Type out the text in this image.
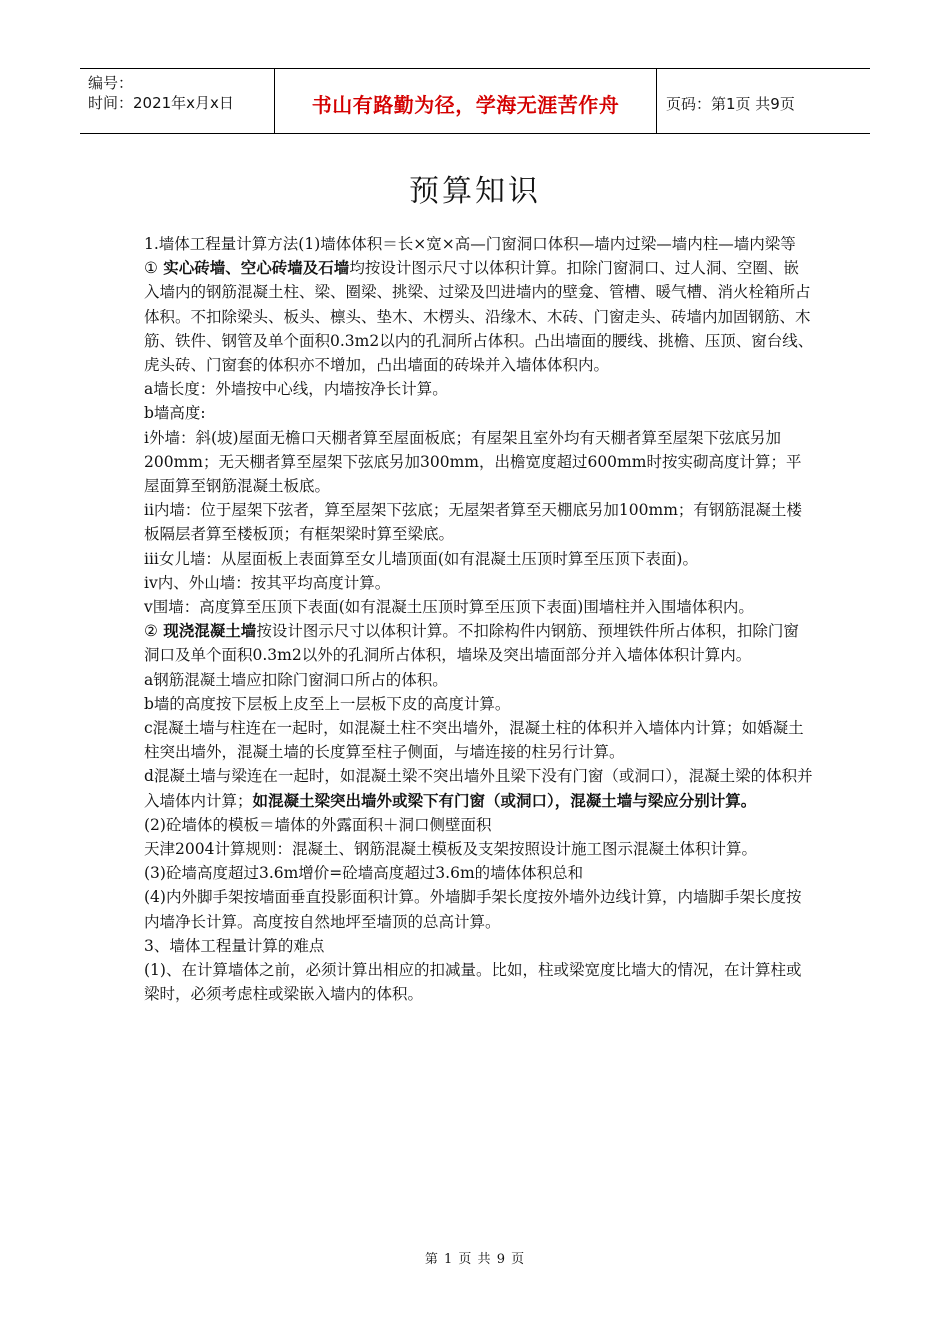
编号：
时间：2021年x月x日	书山有路勤为径，学海无涯苦作舟	页码：第1页 共9页
预算知识

1.墙体工程量计算方法(1)墙体体积＝长×宽×高—门窗洞口体积—墙内过梁—墙内柱—墙内梁等

① 实心砖墙、空心砖墙及石墙均按设计图示尺寸以体积计算。扣除门窗洞口、过人洞、空圈、嵌入墙内的钢筋混凝土柱、梁、圈梁、挑梁、过梁及凹进墙内的壁龛、管槽、暖气槽、消火栓箱所占体积。不扣除梁头、板头、檩头、垫木、木楞头、沿缘木、木砖、门窗走头、砖墙内加固钢筋、木筋、铁件、钢管及单个面积0.3m2以内的孔洞所占体积。凸出墙面的腰线、挑檐、压顶、窗台线、虎头砖、门窗套的体积亦不增加，凸出墙面的砖垛并入墙体体积内。

a墙长度：外墙按中心线，内墙按净长计算。

b墙高度:

i外墙：斜(坡)屋面无檐口天棚者算至屋面板底；有屋架且室外均有天棚者算至屋架下弦底另加200mm；无天棚者算至屋架下弦底另加300mm，出檐宽度超过600mm时按实砌高度计算；平屋面算至钢筋混凝土板底。

ii内墙：位于屋架下弦者，算至屋架下弦底；无屋架者算至天棚底另加100mm；有钢筋混凝土楼板隔层者算至楼板顶；有框架梁时算至梁底。

iii女儿墙：从屋面板上表面算至女儿墙顶面(如有混凝土压顶时算至压顶下表面)。

iv内、外山墙：按其平均高度计算。

v围墙：高度算至压顶下表面(如有混凝土压顶时算至压顶下表面)围墙柱并入围墙体积内。

② 现浇混凝土墙按设计图示尺寸以体积计算。不扣除构件内钢筋、预埋铁件所占体积，扣除门窗洞口及单个面积0.3m2以外的孔洞所占体积，墙垛及突出墙面部分并入墙体体积计算内。

a钢筋混凝土墙应扣除门窗洞口所占的体积。

b墙的高度按下层板上皮至上一层板下皮的高度计算。

c混凝土墙与柱连在一起时，如混凝土柱不突出墙外，混凝土柱的体积并入墙体内计算；如婚凝土柱突出墙外，混凝土墙的长度算至柱子侧面，与墙连接的柱另行计算。

d混凝土墙与梁连在一起时，如混凝土梁不突出墙外且梁下没有门窗（或洞口），混凝土梁的体积并入墙体内计算；如混凝土梁突出墙外或梁下有门窗（或洞口），混凝土墙与梁应分别计算。

(2)砼墙体的模板＝墙体的外露面积＋洞口侧壁面积

天津2004计算规则：混凝土、钢筋混凝土模板及支架按照设计施工图示混凝土体积计算。

(3)砼墙高度超过3.6m增价=砼墙高度超过3.6m的墙体体积总和

(4)内外脚手架按墙面垂直投影面积计算。外墙脚手架长度按外墙外边线计算，内墙脚手架长度按内墙净长计算。高度按自然地坪至墙顶的总高计算。

3、墙体工程量计算的难点

(1)、在计算墙体之前，必须计算出相应的扣减量。比如，柱或梁宽度比墙大的情况，在计算柱或梁时，必须考虑柱或梁嵌入墙内的体积。

第 1 页 共 9 页
